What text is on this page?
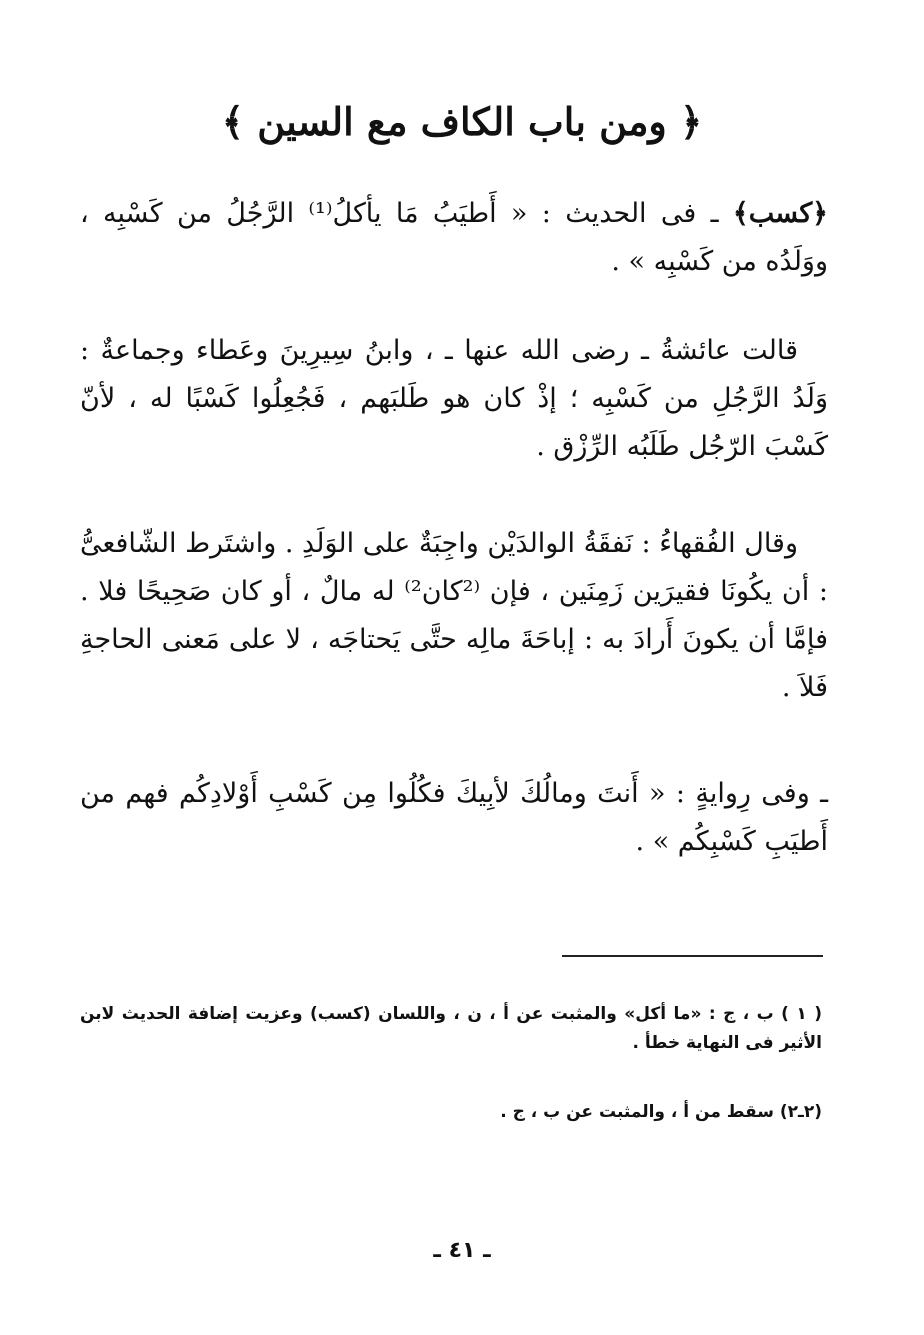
﴿ ومن باب الكاف مع السين ﴾
﴿كسب﴾ ـ فى الحديث : « أَطيَبُ مَا يأكلُ⁽¹⁾ الرَّجُلُ من كَسْبِه ، ووَلَدُه من كَسْبِه » .
قالت عائشةُ ـ رضى الله عنها ـ ، وابنُ سِيرِينَ وعَطاء وجماعةٌ : وَلَدُ الرَّجُلِ من كَسْبِه ؛ إذْ كان هو طَلبَهم ، فَجُعِلُوا كَسْبًا له ، لأنّ كَسْبَ الرّجُل طَلَبُه الرِّزْق .
وقال الفُقهاءُ : نَفقَةُ الوالدَيْن واجِبَةٌ على الوَلَدِ . واشتَرط الشّافعىُّ : أن يكُونَا فقيرَين زَمِنَين ، فإن ⁽²كان²⁾ له مالٌ ، أو كان صَحِيحًا فلا . فإمَّا أن يكونَ أَرادَ به : إباحَةَ مالِه حتَّى يَحتاجَه ، لا على مَعنى الحاجةِ فَلاَ .
ـ وفى رِوايةٍ : « أَنتَ ومالُكَ لأبِيكَ فكُلُوا مِن كَسْبِ أَوْلادِكُم فهم من أَطيَبِ كَسْبِكُم » .
( ١ ) ب ، ج : «ما أكل» والمثبت عن أ ، ن ، واللسان (كسب) وعزيت إضافة الحديث لابن الأثير فى النهاية خطأ .
(٢ـ٢) سقط من أ ، والمثبت عن ب ، ج .
ـ ٤١ ـ
